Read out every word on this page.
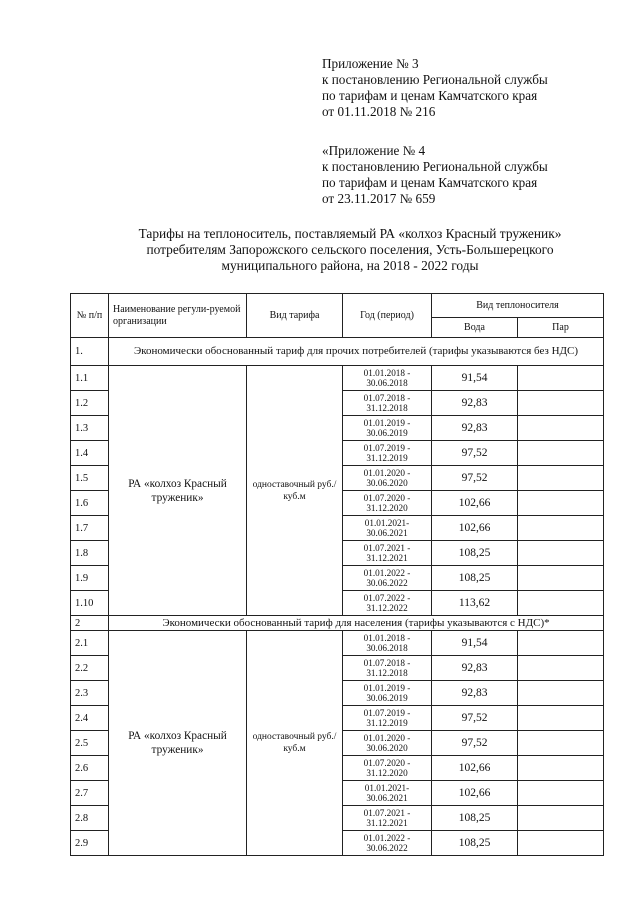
Приложение № 3
к постановлению Региональной службы
по тарифам и ценам Камчатского края
от 01.11.2018 № 216
«Приложение № 4
к постановлению Региональной службы
по тарифам и ценам Камчатского края
от 23.11.2017 № 659
Тарифы на теплоноситель, поставляемый РА «колхоз Красный труженик»
потребителям Запорожского сельского поселения, Усть-Большерецкого
муниципального района, на 2018 - 2022 годы
№ п/п	Наименование регули-руемой организации	Вид тарифа	Год (период)	Вид теплоносителя	
				Вода	Пар
1.	Экономически обоснованный тариф для прочих потребителей (тарифы указываются без НДС)				
1.1	РА «колхоз Красный труженик»	одноставочный руб./куб.м	01.01.2018 - 30.06.2018	91,54	
1.2			01.07.2018 - 31.12.2018	92,83	
1.3			01.01.2019 - 30.06.2019	92,83	
1.4			01.07.2019 - 31.12.2019	97,52	
1.5			01.01.2020 - 30.06.2020	97,52	
1.6			01.07.2020 - 31.12.2020	102,66	
1.7			01.01.2021- 30.06.2021	102,66	
1.8			01.07.2021 - 31.12.2021	108,25	
1.9			01.01.2022 - 30.06.2022	108,25	
1.10			01.07.2022 - 31.12.2022	113,62	
2	Экономически обоснованный тариф для населения (тарифы указываются с НДС)*				
2.1	РА «колхоз Красный труженик»	одноставочный руб./куб.м	01.01.2018 - 30.06.2018	91,54	
2.2			01.07.2018 - 31.12.2018	92,83	
2.3			01.01.2019 - 30.06.2019	92,83	
2.4			01.07.2019 - 31.12.2019	97,52	
2.5			01.01.2020 - 30.06.2020	97,52	
2.6			01.07.2020 - 31.12.2020	102,66	
2.7			01.01.2021- 30.06.2021	102,66	
2.8			01.07.2021 - 31.12.2021	108,25	
2.9			01.01.2022 - 30.06.2022	108,25	
